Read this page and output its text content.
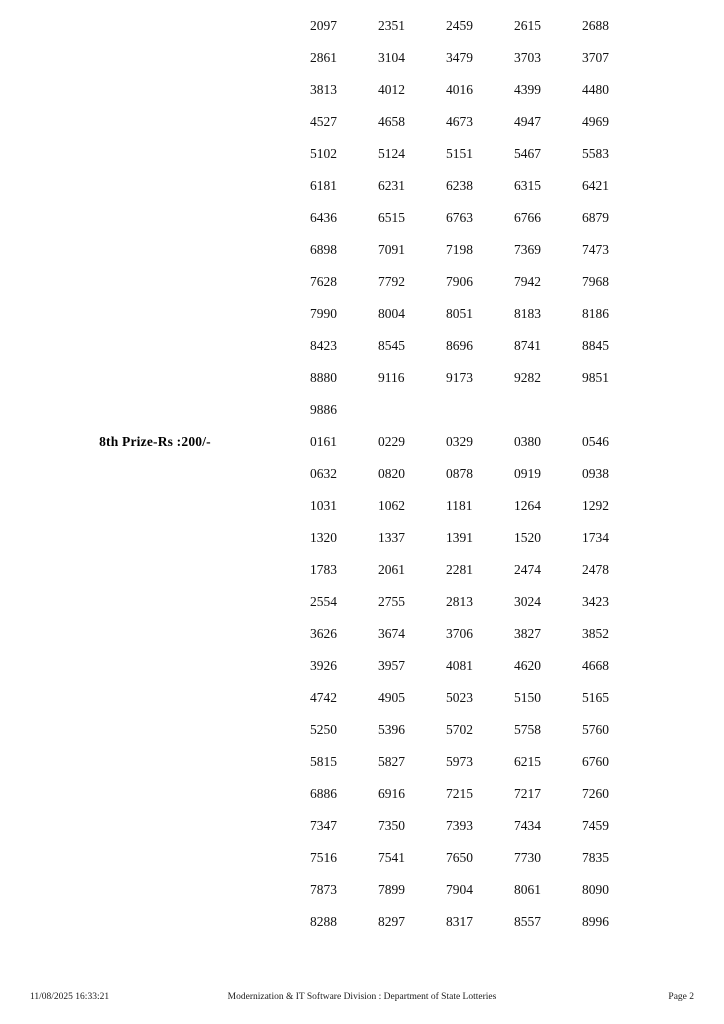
2097	2351	2459	2615	2688
2861	3104	3479	3703	3707
3813	4012	4016	4399	4480
4527	4658	4673	4947	4969
5102	5124	5151	5467	5583
6181	6231	6238	6315	6421
6436	6515	6763	6766	6879
6898	7091	7198	7369	7473
7628	7792	7906	7942	7968
7990	8004	8051	8183	8186
8423	8545	8696	8741	8845
8880	9116	9173	9282	9851
9886
8th Prize-Rs :200/-	0161	0229	0329	0380	0546
0632	0820	0878	0919	0938
1031	1062	1181	1264	1292
1320	1337	1391	1520	1734
1783	2061	2281	2474	2478
2554	2755	2813	3024	3423
3626	3674	3706	3827	3852
3926	3957	4081	4620	4668
4742	4905	5023	5150	5165
5250	5396	5702	5758	5760
5815	5827	5973	6215	6760
6886	6916	7215	7217	7260
7347	7350	7393	7434	7459
7516	7541	7650	7730	7835
7873	7899	7904	8061	8090
8288	8297	8317	8557	8996
11/08/2025 16:33:21	Modernization & IT Software Division : Department of State Lotteries	Page 2
